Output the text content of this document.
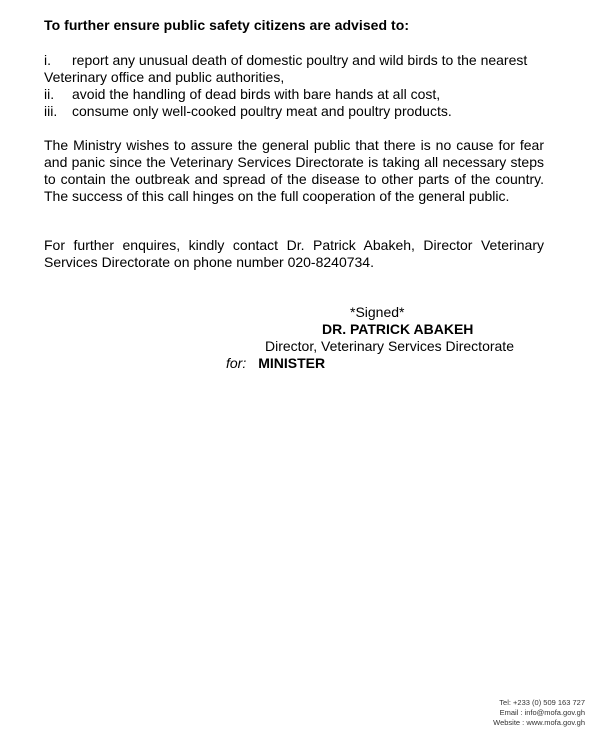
To further ensure public safety citizens are advised to:
i. report any unusual death of domestic poultry and wild birds to the nearest
Veterinary office and public authorities,
ii. avoid the handling of dead birds with bare hands at all cost,
iii. consume only well-cooked poultry meat and poultry products.
The Ministry wishes to assure the general public that there is no cause for fear and panic since the Veterinary Services Directorate is taking all necessary steps to contain the outbreak and spread of the disease to other parts of the country. The success of this call hinges on the full cooperation of the general public.
For further enquires, kindly contact Dr. Patrick Abakeh, Director Veterinary Services Directorate on phone number 020-8240734.
*Signed*
DR. PATRICK ABAKEH
Director, Veterinary Services Directorate
for: MINISTER
Tel: +233 (0) 509 163 727
Email : info@mofa.gov.gh
Website : www.mofa.gov.gh
